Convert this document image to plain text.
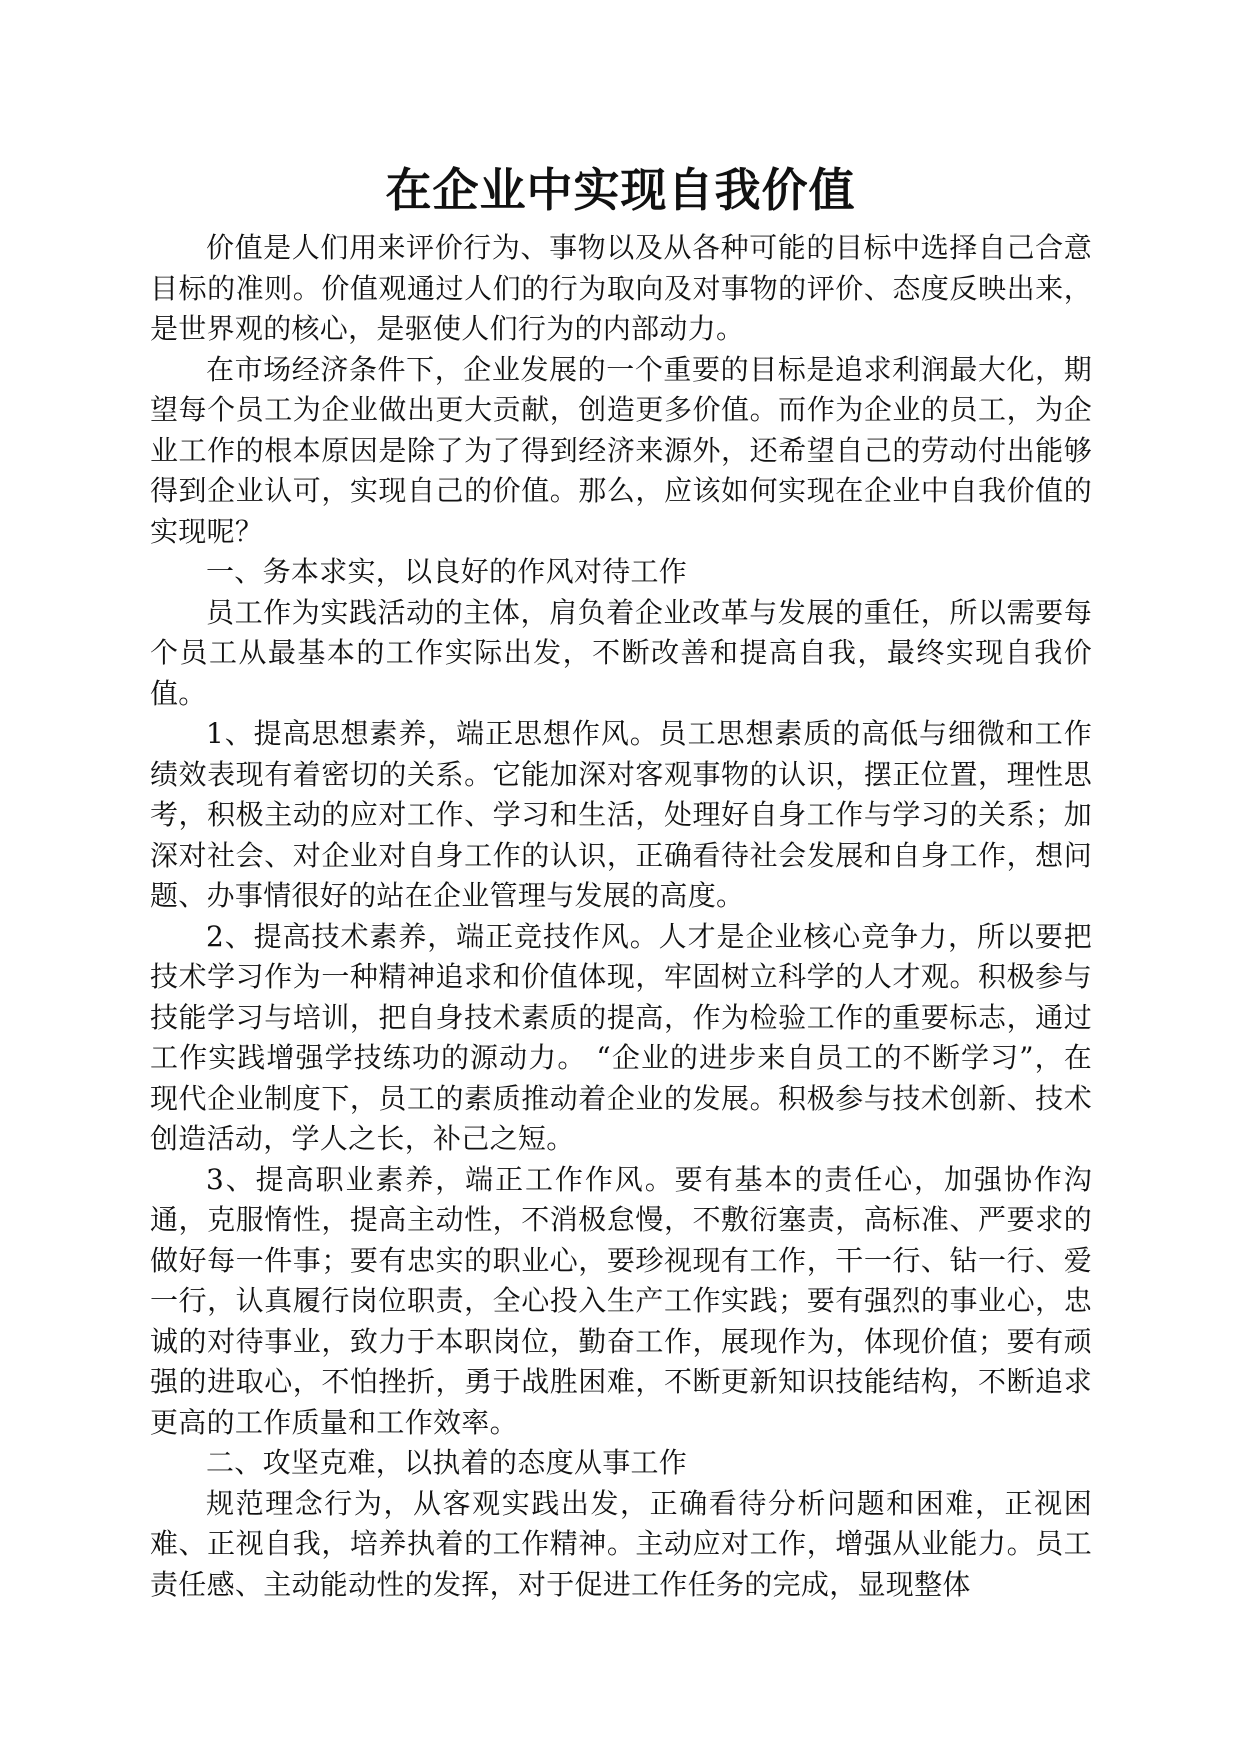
在企业中实现自我价值

价值是人们用来评价行为、事物以及从各种可能的目标中选择自己合意目标的准则。价值观通过人们的行为取向及对事物的评价、态度反映出来，是世界观的核心，是驱使人们行为的内部动力。

在市场经济条件下，企业发展的一个重要的目标是追求利润最大化，期望每个员工为企业做出更大贡献，创造更多价值。而作为企业的员工，为企业工作的根本原因是除了为了得到经济来源外，还希望自己的劳动付出能够得到企业认可，实现自己的价值。那么，应该如何实现在企业中自我价值的实现呢？

一、务本求实，以良好的作风对待工作

员工作为实践活动的主体，肩负着企业改革与发展的重任，所以需要每个员工从最基本的工作实际出发，不断改善和提高自我，最终实现自我价值。

1、提高思想素养，端正思想作风。员工思想素质的高低与细微和工作绩效表现有着密切的关系。它能加深对客观事物的认识，摆正位置，理性思考，积极主动的应对工作、学习和生活，处理好自身工作与学习的关系；加深对社会、对企业对自身工作的认识，正确看待社会发展和自身工作，想问题、办事情很好的站在企业管理与发展的高度。

2、提高技术素养，端正竞技作风。人才是企业核心竞争力，所以要把技术学习作为一种精神追求和价值体现，牢固树立科学的人才观。积极参与技能学习与培训，把自身技术素质的提高，作为检验工作的重要标志，通过工作实践增强学技练功的源动力。 “企业的进步来自员工的不断学习”，在现代企业制度下，员工的素质推动着企业的发展。积极参与技术创新、技术创造活动，学人之长，补己之短。

3、提高职业素养，端正工作作风。要有基本的责任心，加强协作沟通，克服惰性，提高主动性，不消极怠慢，不敷衍塞责，高标准、严要求的做好每一件事；要有忠实的职业心，要珍视现有工作，干一行、钻一行、爱一行，认真履行岗位职责，全心投入生产工作实践；要有强烈的事业心，忠诚的对待事业，致力于本职岗位，勤奋工作，展现作为，体现价值；要有顽强的进取心，不怕挫折，勇于战胜困难，不断更新知识技能结构，不断追求更高的工作质量和工作效率。

二、攻坚克难，以执着的态度从事工作

规范理念行为，从客观实践出发，正确看待分析问题和困难，正视困难、正视自我，培养执着的工作精神。主动应对工作，增强从业能力。员工责任感、主动能动性的发挥，对于促进工作任务的完成，显现整体
